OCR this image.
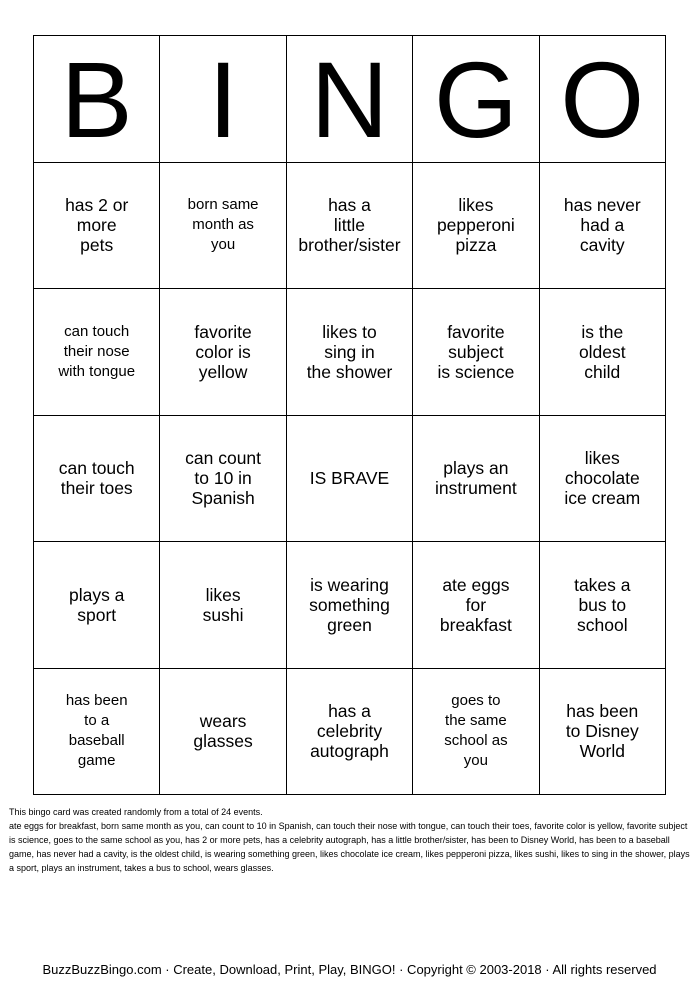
B I N G O
has 2 or
more
pets
born same
month as
you
has a
little
brother/sister
likes
pepperoni
pizza
has never
had a
cavity
can touch
their nose
with tongue
favorite
color is
yellow
likes to
sing in
the shower
favorite
subject
is science
is the
oldest
child
can touch
their toes
can count
to 10 in
Spanish
IS BRAVE	plays an
instrument
likes
chocolate
ice cream
plays a
sport
likes
sushi
is wearing
something
green
ate eggs
for
breakfast
takes a
bus to
school
has been
to a
baseball
game
wears
glasses
has a
celebrity
autograph
goes to
the same
school as
you
has been
to Disney
World

This bingo card was created randomly from a total of 24 events.

ate eggs for breakfast, born same month as you, can count to 10 in Spanish, can touch their nose with tongue, can touch their toes, favorite color is yellow, favorite subject is science, goes to the same school as you, has 2 or more pets, has a celebrity autograph, has a little brother/sister, has been to Disney World, has been to a baseball game, has never had a cavity, is the oldest child, is wearing something green, likes chocolate ice cream, likes pepperoni pizza, likes sushi, likes to sing in the shower, plays a sport, plays an instrument, takes a bus to school, wears glasses.

BuzzBuzzBingo.com · Create, Download, Print, Play, BINGO! · Copyright © 2003-2018 · All rights reserved
